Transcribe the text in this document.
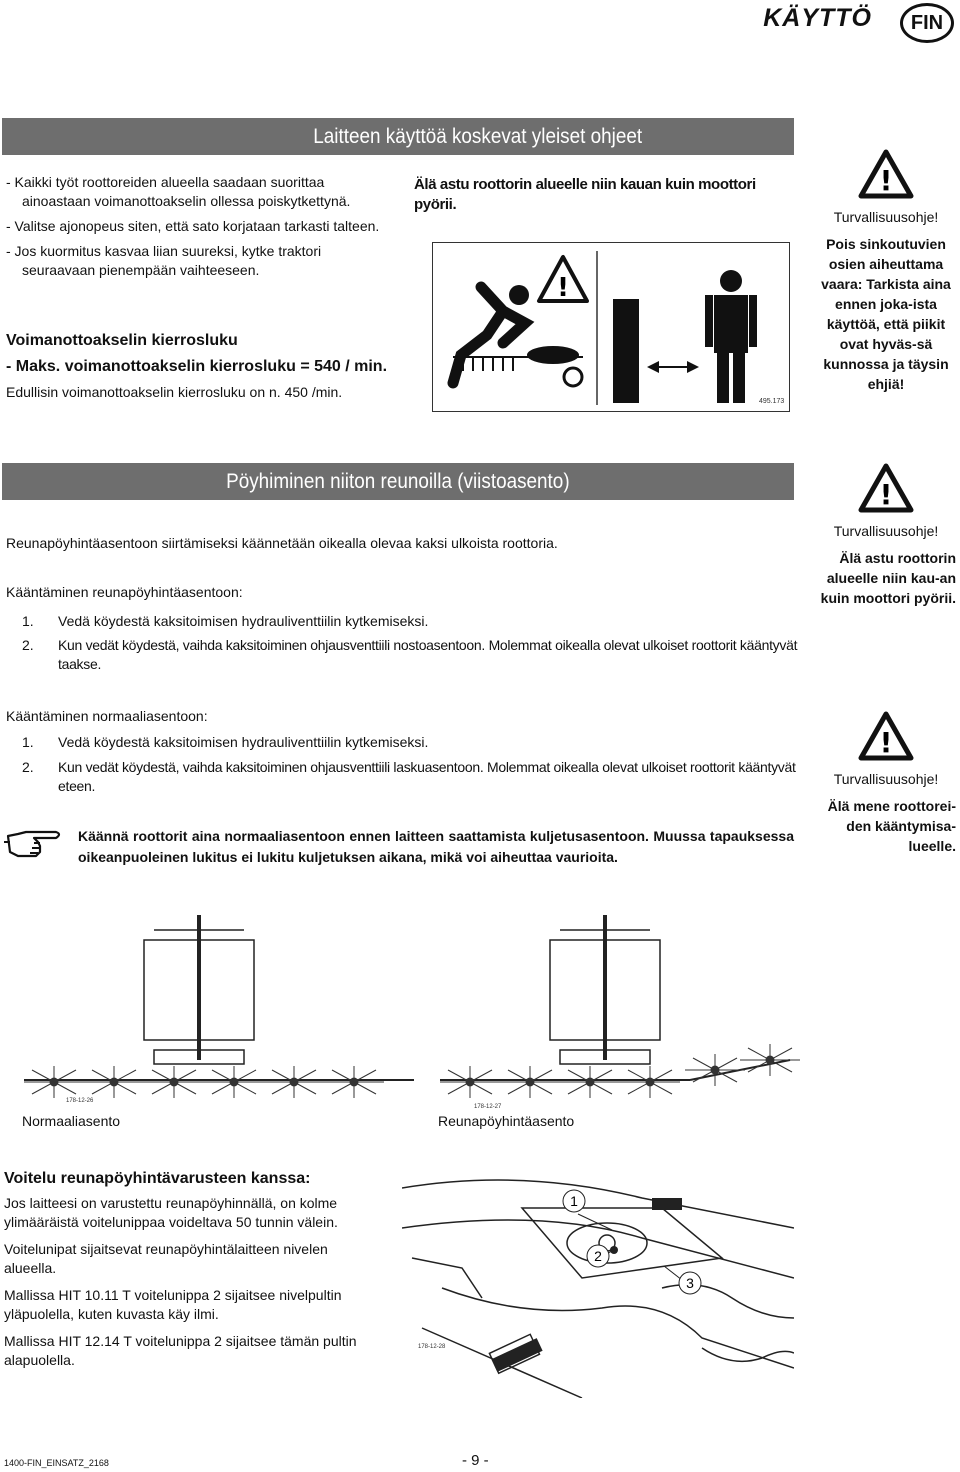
KÄYTTÖ	FIN
Laitteen käyttöä koskevat yleiset ohjeet

- Kaikki työt roottoreiden alueella saadaan suorittaa ainoastaan voimanottoakselin ollessa poiskytkettynä.

- Valitse ajonopeus siten, että sato korjataan tarkasti talteen.

- Jos kuormitus kasvaa liian suureksi, kytke traktori seuraavaan pienempään vaihteeseen.

Voimanottoakselin kierrosluku
- Maks. voimanottoakselin kierrosluku = 540 / min.
Edullisin voimanottoakselin kierrosluku on n. 450 /min.
Älä astu roottorin alueelle niin kauan kuin moottori pyörii.
!
495.173
!
Turvallisuusohje!
Pois sinkoutuvien osien aiheuttama vaara: Tarkista aina ennen joka-ista käyttöä, että piikit ovat hyväs-sä kunnossa ja täysin ehjiä!
Pöyhiminen niiton reunoilla (viistoasento)	!
Turvallisuusohje!
Älä astu roottorin alueelle niin kau-an kuin moottori pyörii.
Reunapöyhintäasentoon siirtämiseksi käännetään oikealla olevaa kaksi ulkoista roottoria.
Kääntäminen reunapöyhintäasentoon:
1. Vedä köydestä kaksitoimisen hydrauliventtiilin kytkemiseksi.
2. Kun vedät köydestä, vaihda kaksitoiminen ohjausventtiili nostoasentoon. Molemmat oikealla olevat ulkoiset roottorit kääntyvät taakse.
Kääntäminen normaaliasentoon:
1. Vedä köydestä kaksitoimisen hydrauliventtiilin kytkemiseksi.
2. Kun vedät köydestä, vaihda kaksitoiminen ohjausventtiili laskuasentoon. Molemmat oikealla olevat ulkoiset roottorit kääntyvät eteen.
Käännä roottorit aina normaaliasentoon ennen laitteen saattamista kuljetusasentoon. Muussa tapauksessa oikeanpuoleinen lukitus ei lukitu kuljetuksen aikana, mikä voi aiheuttaa vaurioita.
!
Turvallisuusohje!
Älä mene roottorei-den kääntymisa-lueelle.
178-12-26
178-12-27
Normaaliasento	Reunapöyhintäasento
Voitelu reunapöyhintävarusteen kanssa:

Jos laitteesi on varustettu reunapöyhinnällä, on kolme ylimääräistä voitelunippaa voideltava 50 tunnin välein.

Voitelunipat sijaitsevat reunapöyhintälaitteen nivelen alueella.

Mallissa HIT 10.11 T voitelunippa 2 sijaitsee nivelpultin yläpuolella, kuten kuvasta käy ilmi.

Mallissa HIT 12.14 T voitelunippa 2 sijaitsee tämän pultin alapuolella.

1
2
3
178-12-28
1400-FIN_EINSATZ_2168	- 9 -
